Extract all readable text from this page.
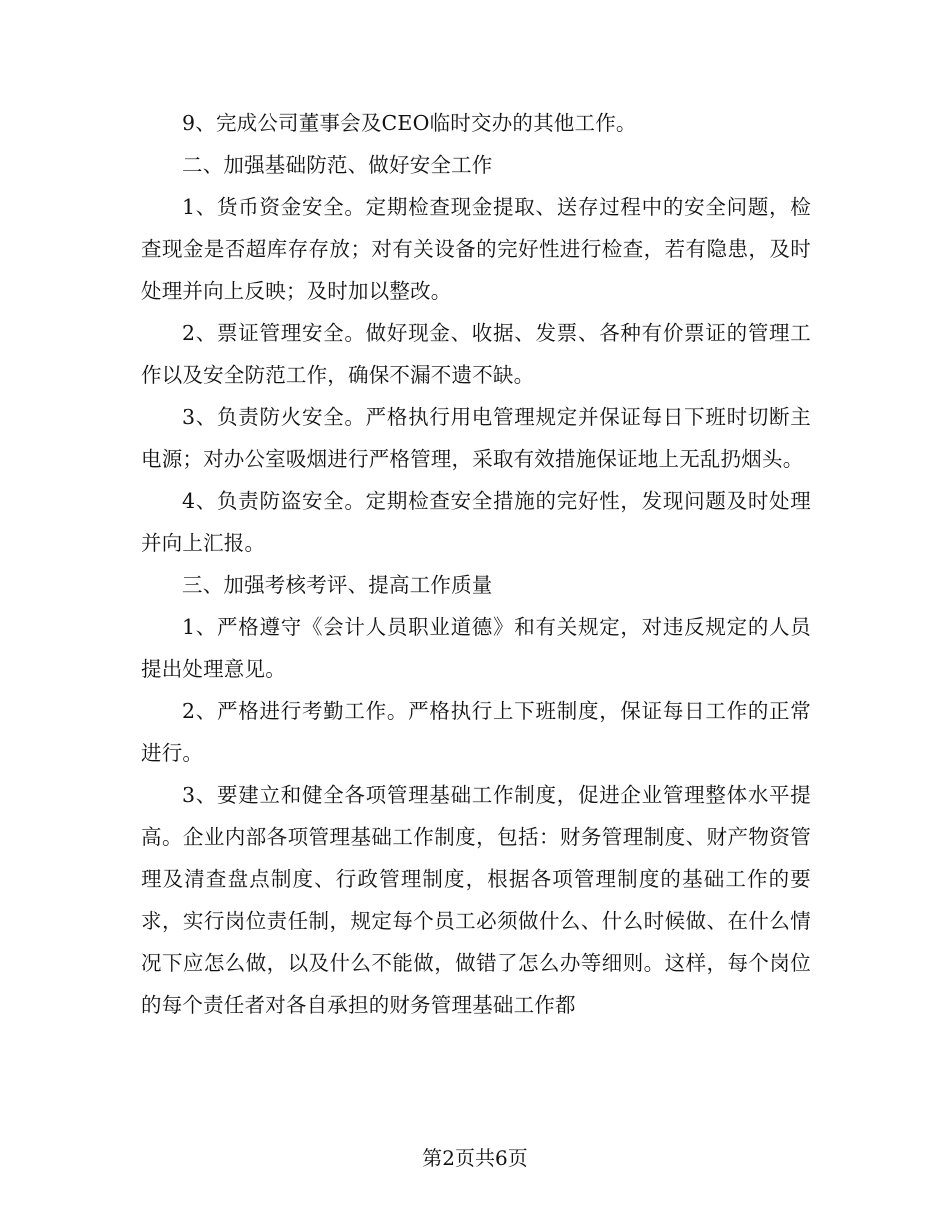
9、完成公司董事会及CEO临时交办的其他工作。

二、加强基础防范、做好安全工作

1、货币资金安全。定期检查现金提取、送存过程中的安全问题，检查现金是否超库存存放；对有关设备的完好性进行检查，若有隐患，及时处理并向上反映；及时加以整改。

2、票证管理安全。做好现金、收据、发票、各种有价票证的管理工作以及安全防范工作，确保不漏不遗不缺。

3、负责防火安全。严格执行用电管理规定并保证每日下班时切断主电源；对办公室吸烟进行严格管理，采取有效措施保证地上无乱扔烟头。

4、负责防盗安全。定期检查安全措施的完好性，发现问题及时处理并向上汇报。

三、加强考核考评、提高工作质量

1、严格遵守《会计人员职业道德》和有关规定，对违反规定的人员提出处理意见。

2、严格进行考勤工作。严格执行上下班制度，保证每日工作的正常进行。

3、要建立和健全各项管理基础工作制度，促进企业管理整体水平提高。企业内部各项管理基础工作制度，包括：财务管理制度、财产物资管理及清查盘点制度、行政管理制度，根据各项管理制度的基础工作的要求，实行岗位责任制，规定每个员工必须做什么、什么时候做、在什么情况下应怎么做，以及什么不能做，做错了怎么办等细则。这样，每个岗位的每个责任者对各自承担的财务管理基础工作都

第2页共6页
